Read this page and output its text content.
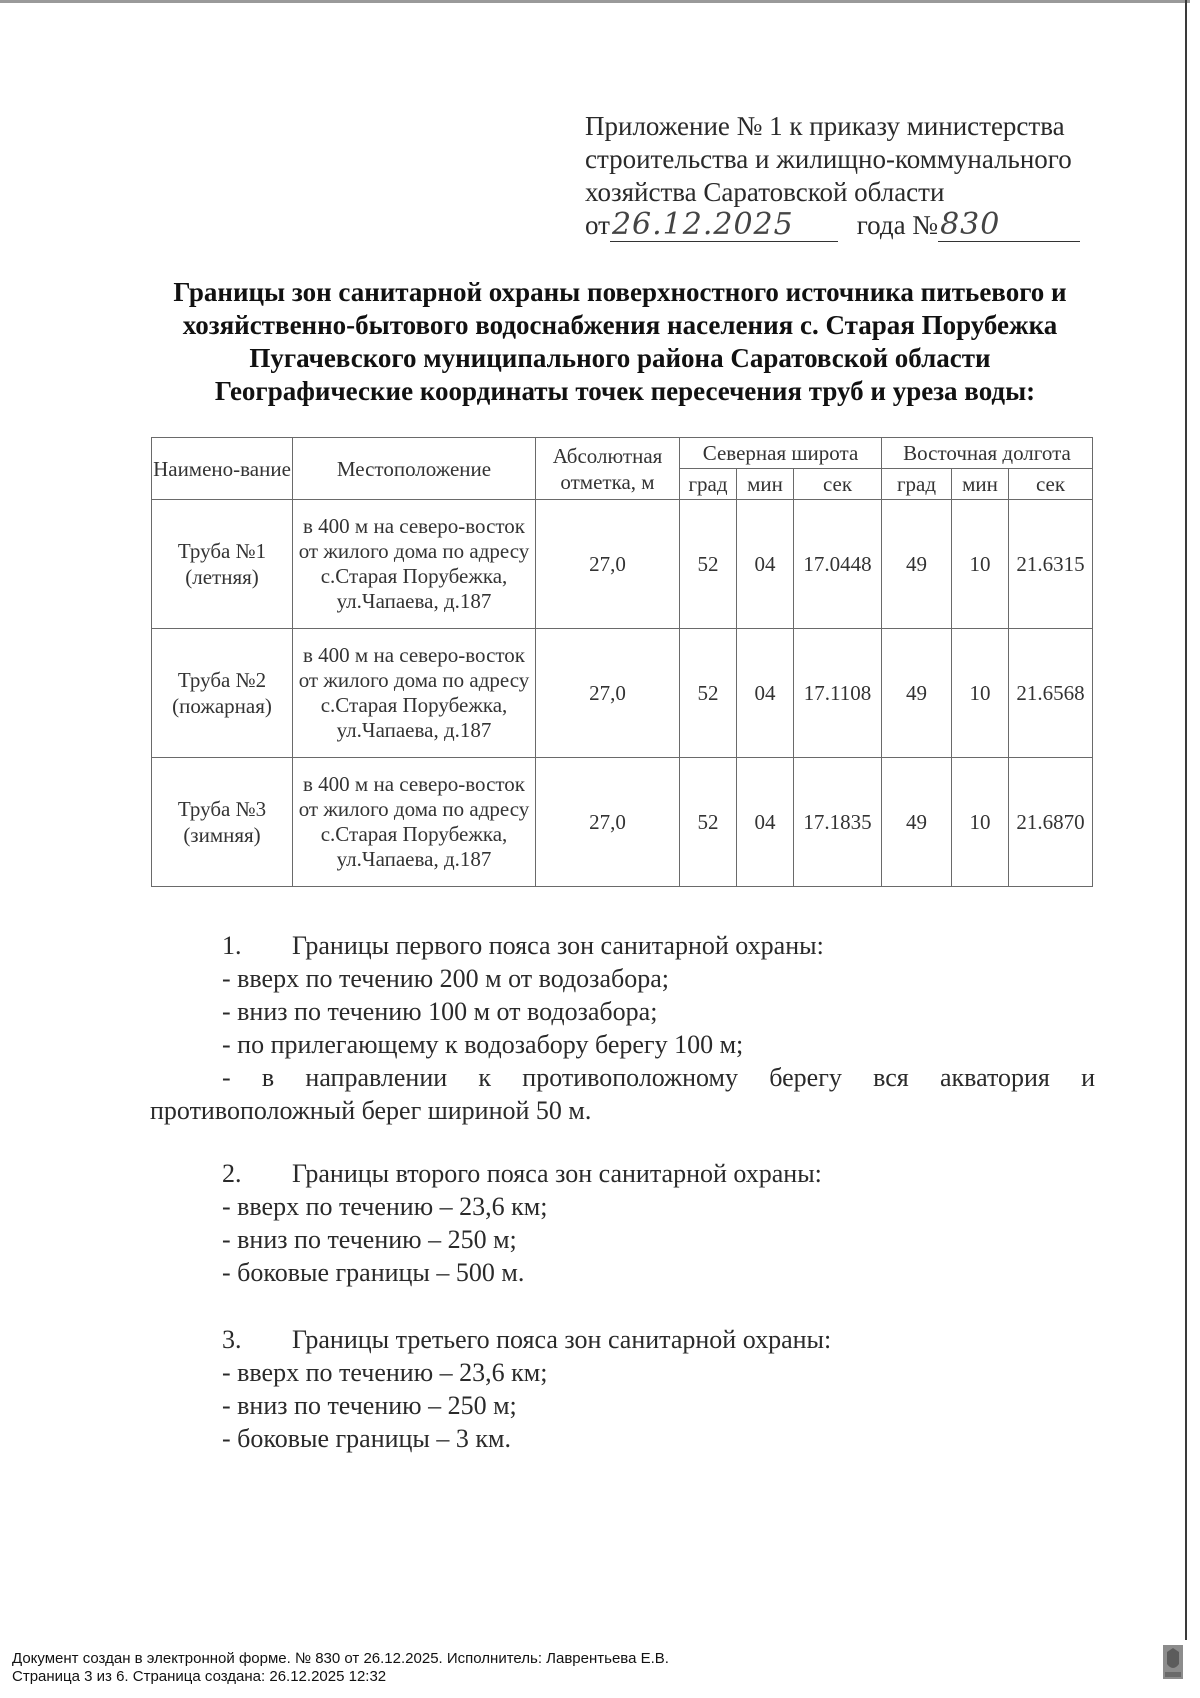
Приложение № 1 к приказу министерства
строительства и жилищно-коммунального
хозяйства Саратовской области
от 26.12.2025 года № 830
Границы зон санитарной охраны поверхностного источника питьевого и
хозяйственно-бытового водоснабжения населения с. Старая Порубежка
Пугачевского муниципального района Саратовской области
Географические координаты точек пересечения труб и уреза воды:
Наимено-вание	Местоположение	Абсолютная отметка, м	Северная широта			Восточная долгота		
			град	мин	сек	град	мин	сек
Труба №1 (летняя)	в 400 м на северо-восток от жилого дома по адресу с.Старая Порубежка, ул.Чапаева, д.187	27,0	52	04	17.0448	49	10	21.6315
Труба №2 (пожарная)	в 400 м на северо-восток от жилого дома по адресу с.Старая Порубежка, ул.Чапаева, д.187	27,0	52	04	17.1108	49	10	21.6568
Труба №3 (зимняя)	в 400 м на северо-восток от жилого дома по адресу с.Старая Порубежка, ул.Чапаева, д.187	27,0	52	04	17.1835	49	10	21.6870
1. Границы первого пояса зон санитарной охраны:
- вверх по течению 200 м от водозабора;
- вниз по течению 100 м от водозабора;
- по прилегающему к водозабору берегу 100 м;
- в направлении к противоположному берегу вся акватория и
противоположный берег шириной 50 м.
2. Границы второго пояса зон санитарной охраны:
- вверх по течению – 23,6 км;
- вниз по течению – 250 м;
- боковые границы – 500 м.
3. Границы третьего пояса зон санитарной охраны:
- вверх по течению – 23,6 км;
- вниз по течению – 250 м;
- боковые границы – 3 км.
Документ создан в электронной форме. № 830 от 26.12.2025. Исполнитель: Лаврентьева Е.В.
Страница 3 из 6. Страница создана: 26.12.2025 12:32
